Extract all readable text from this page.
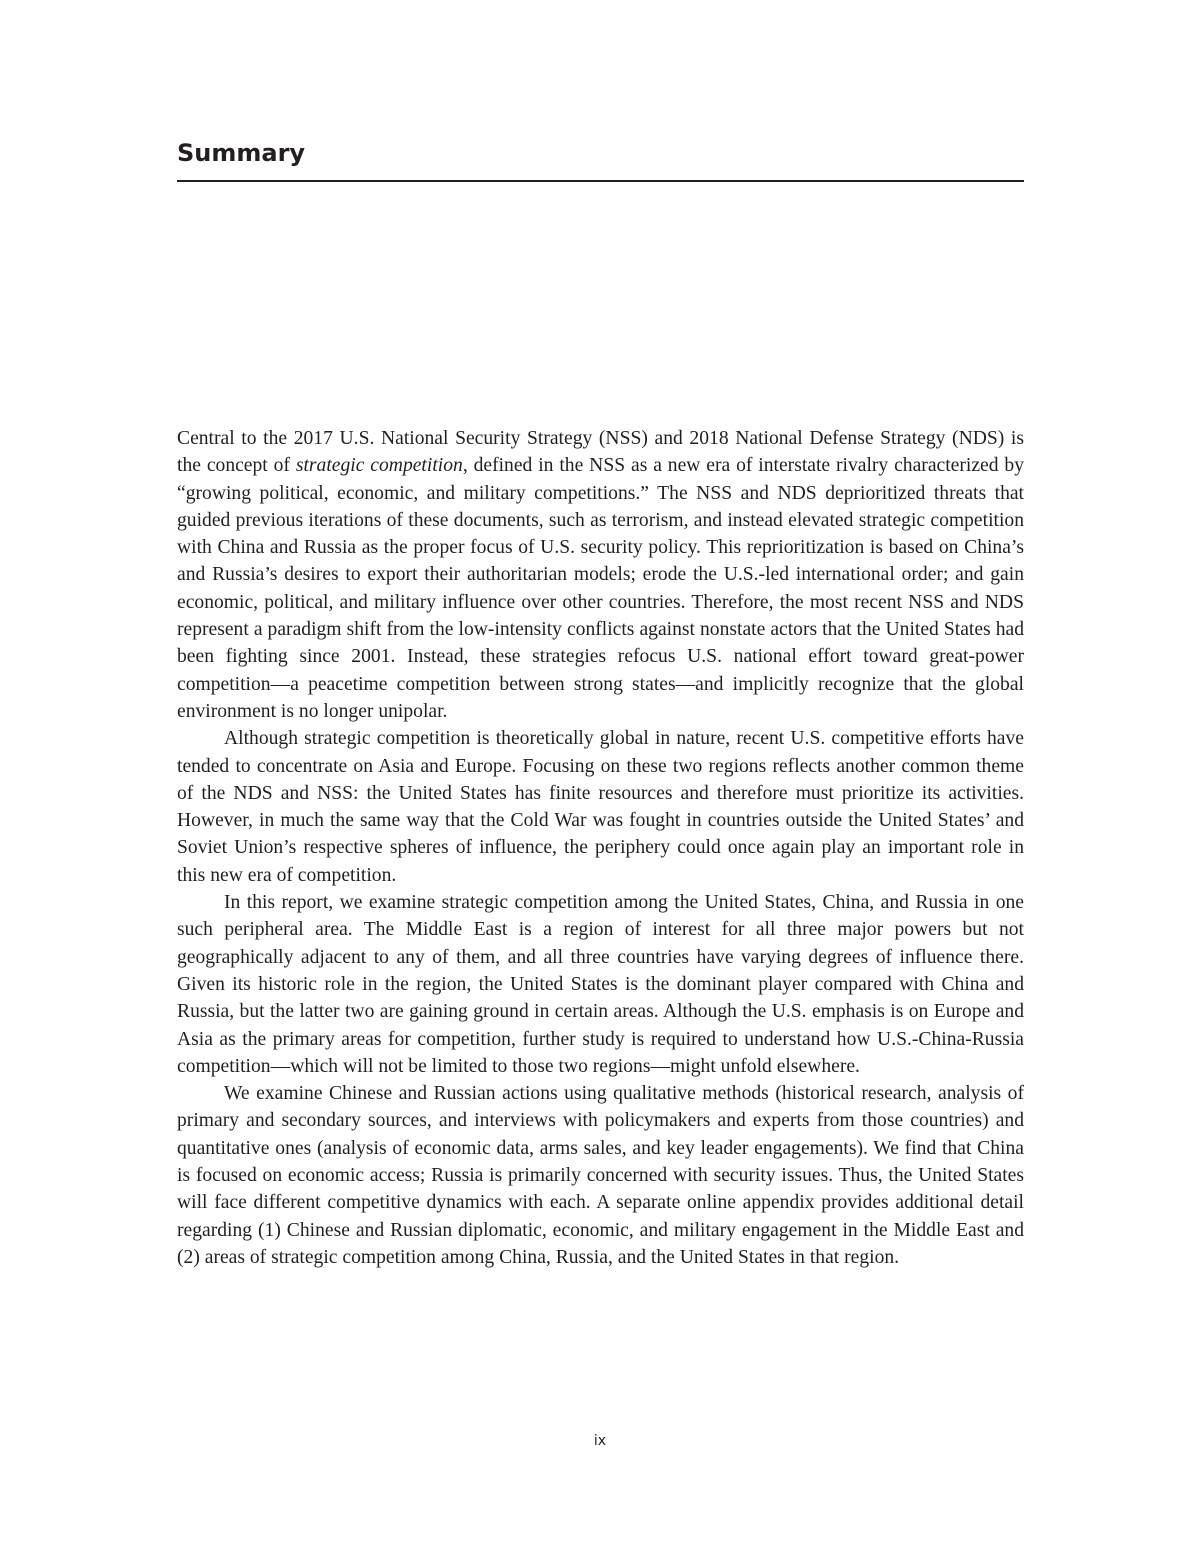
Summary

Central to the 2017 U.S. National Security Strategy (NSS) and 2018 National Defense Strategy (NDS) is the concept of strategic competition, defined in the NSS as a new era of interstate rivalry characterized by “growing political, economic, and military competitions.” The NSS and NDS deprioritized threats that guided previous iterations of these documents, such as terrorism, and instead elevated strategic competition with China and Russia as the proper focus of U.S. security policy. This reprioritization is based on China’s and Russia’s desires to export their authoritarian models; erode the U.S.-led international order; and gain economic, political, and military influence over other countries. Therefore, the most recent NSS and NDS represent a paradigm shift from the low-intensity conflicts against nonstate actors that the United States had been fighting since 2001. Instead, these strategies refocus U.S. national effort toward great-power competition—a peacetime competition between strong states—and implicitly recognize that the global environment is no longer unipolar.

Although strategic competition is theoretically global in nature, recent U.S. competitive efforts have tended to concentrate on Asia and Europe. Focusing on these two regions reflects another common theme of the NDS and NSS: the United States has finite resources and therefore must prioritize its activities. However, in much the same way that the Cold War was fought in countries outside the United States’ and Soviet Union’s respective spheres of influence, the periphery could once again play an important role in this new era of competition.

In this report, we examine strategic competition among the United States, China, and Russia in one such peripheral area. The Middle East is a region of interest for all three major powers but not geographically adjacent to any of them, and all three countries have varying degrees of influence there. Given its historic role in the region, the United States is the dominant player compared with China and Russia, but the latter two are gaining ground in certain areas. Although the U.S. emphasis is on Europe and Asia as the primary areas for competition, further study is required to understand how U.S.-China-Russia competition—which will not be limited to those two regions—might unfold elsewhere.

We examine Chinese and Russian actions using qualitative methods (historical research, analysis of primary and secondary sources, and interviews with policymakers and experts from those countries) and quantitative ones (analysis of economic data, arms sales, and key leader engagements). We find that China is focused on economic access; Russia is primarily concerned with security issues. Thus, the United States will face different competitive dynamics with each. A separate online appendix provides additional detail regarding (1) Chinese and Russian diplomatic, economic, and military engagement in the Middle East and (2) areas of strategic competition among China, Russia, and the United States in that region.

ix
